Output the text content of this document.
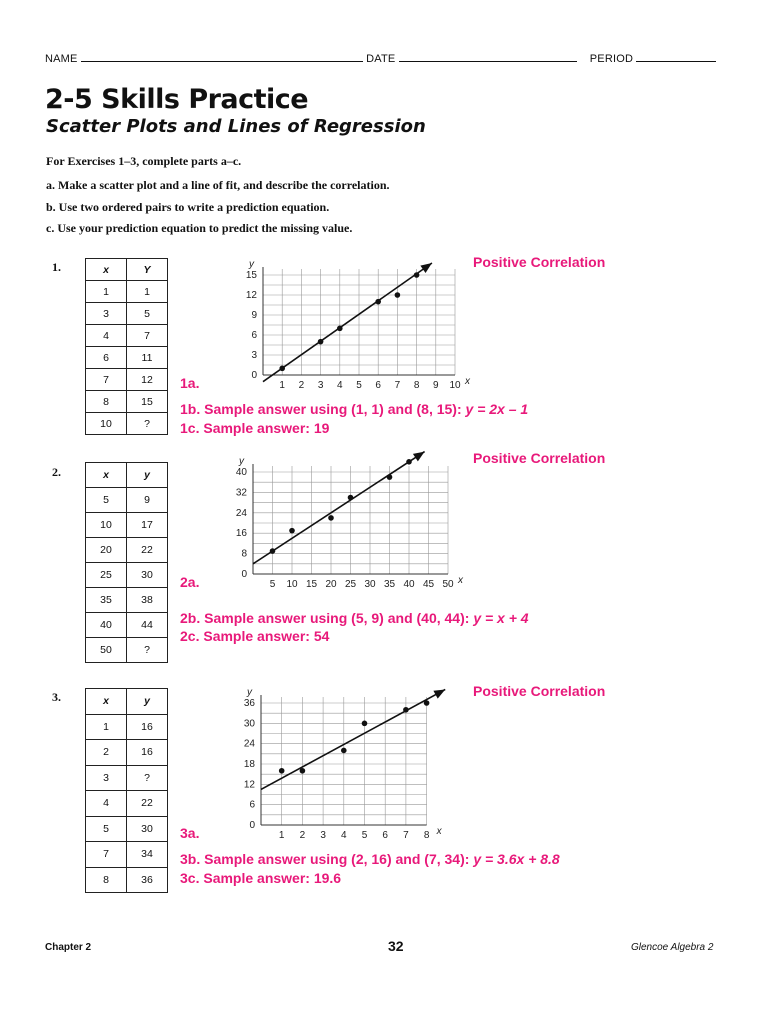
NAME	DATE	PERIOD
2-5 Skills Practice
Scatter Plots and Lines of Regression
For Exercises 1–3, complete parts a–c.
a. Make a scatter plot and a line of fit, and describe the correlation.
b. Use two ordered pairs to write a prediction equation.
c. Use your prediction equation to predict the missing value.
1.	x	Y
1	1
3	5
4	7
6	11
7	12
8	15
10	?
1 2 3 4 5 6 7 8 9 10
0
3
6
9
12
15
x
y	Positive Correlation
1a.
1b. Sample answer using (1, 1) and (8, 15): y = 2x – 1
1c. Sample answer: 19
2.	x	y
5	9
10	17
20	22
25	30
35	38
40	44
50	?
5 10 15 20 25 30 35 40 45 50
0
8
16
24
32
40
x
y	Positive Correlation
2a.
2b. Sample answer using (5, 9) and (40, 44): y = x + 4
2c. Sample answer: 54
3.	x	y
1	16
2	16
3	?
4	22
5	30
7	34
8	36
1 2 3 4 5 6 7 8
0
6
12
18
24
30
36
x
y	Positive Correlation
3a.
3b. Sample answer using (2, 16) and (7, 34): y = 3.6x + 8.8
3c. Sample answer: 19.6
Chapter 2	32	Glencoe Algebra 2
